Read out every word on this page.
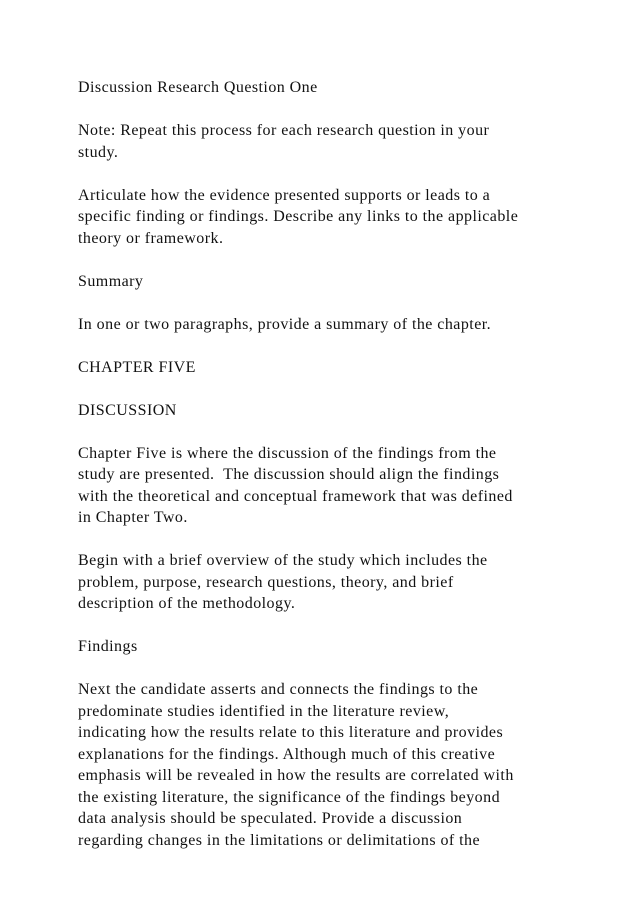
Discussion Research Question One

Note: Repeat this process for each research question in your
study.

Articulate how the evidence presented supports or leads to a
specific finding or findings. Describe any links to the applicable
theory or framework.

Summary

In one or two paragraphs, provide a summary of the chapter.

CHAPTER FIVE

DISCUSSION

Chapter Five is where the discussion of the findings from the
study are presented.  The discussion should align the findings
with the theoretical and conceptual framework that was defined
in Chapter Two.

Begin with a brief overview of the study which includes the
problem, purpose, research questions, theory, and brief
description of the methodology.

Findings

Next the candidate asserts and connects the findings to the
predominate studies identified in the literature review,
indicating how the results relate to this literature and provides
explanations for the findings. Although much of this creative
emphasis will be revealed in how the results are correlated with
the existing literature, the significance of the findings beyond
data analysis should be speculated. Provide a discussion
regarding changes in the limitations or delimitations of the
